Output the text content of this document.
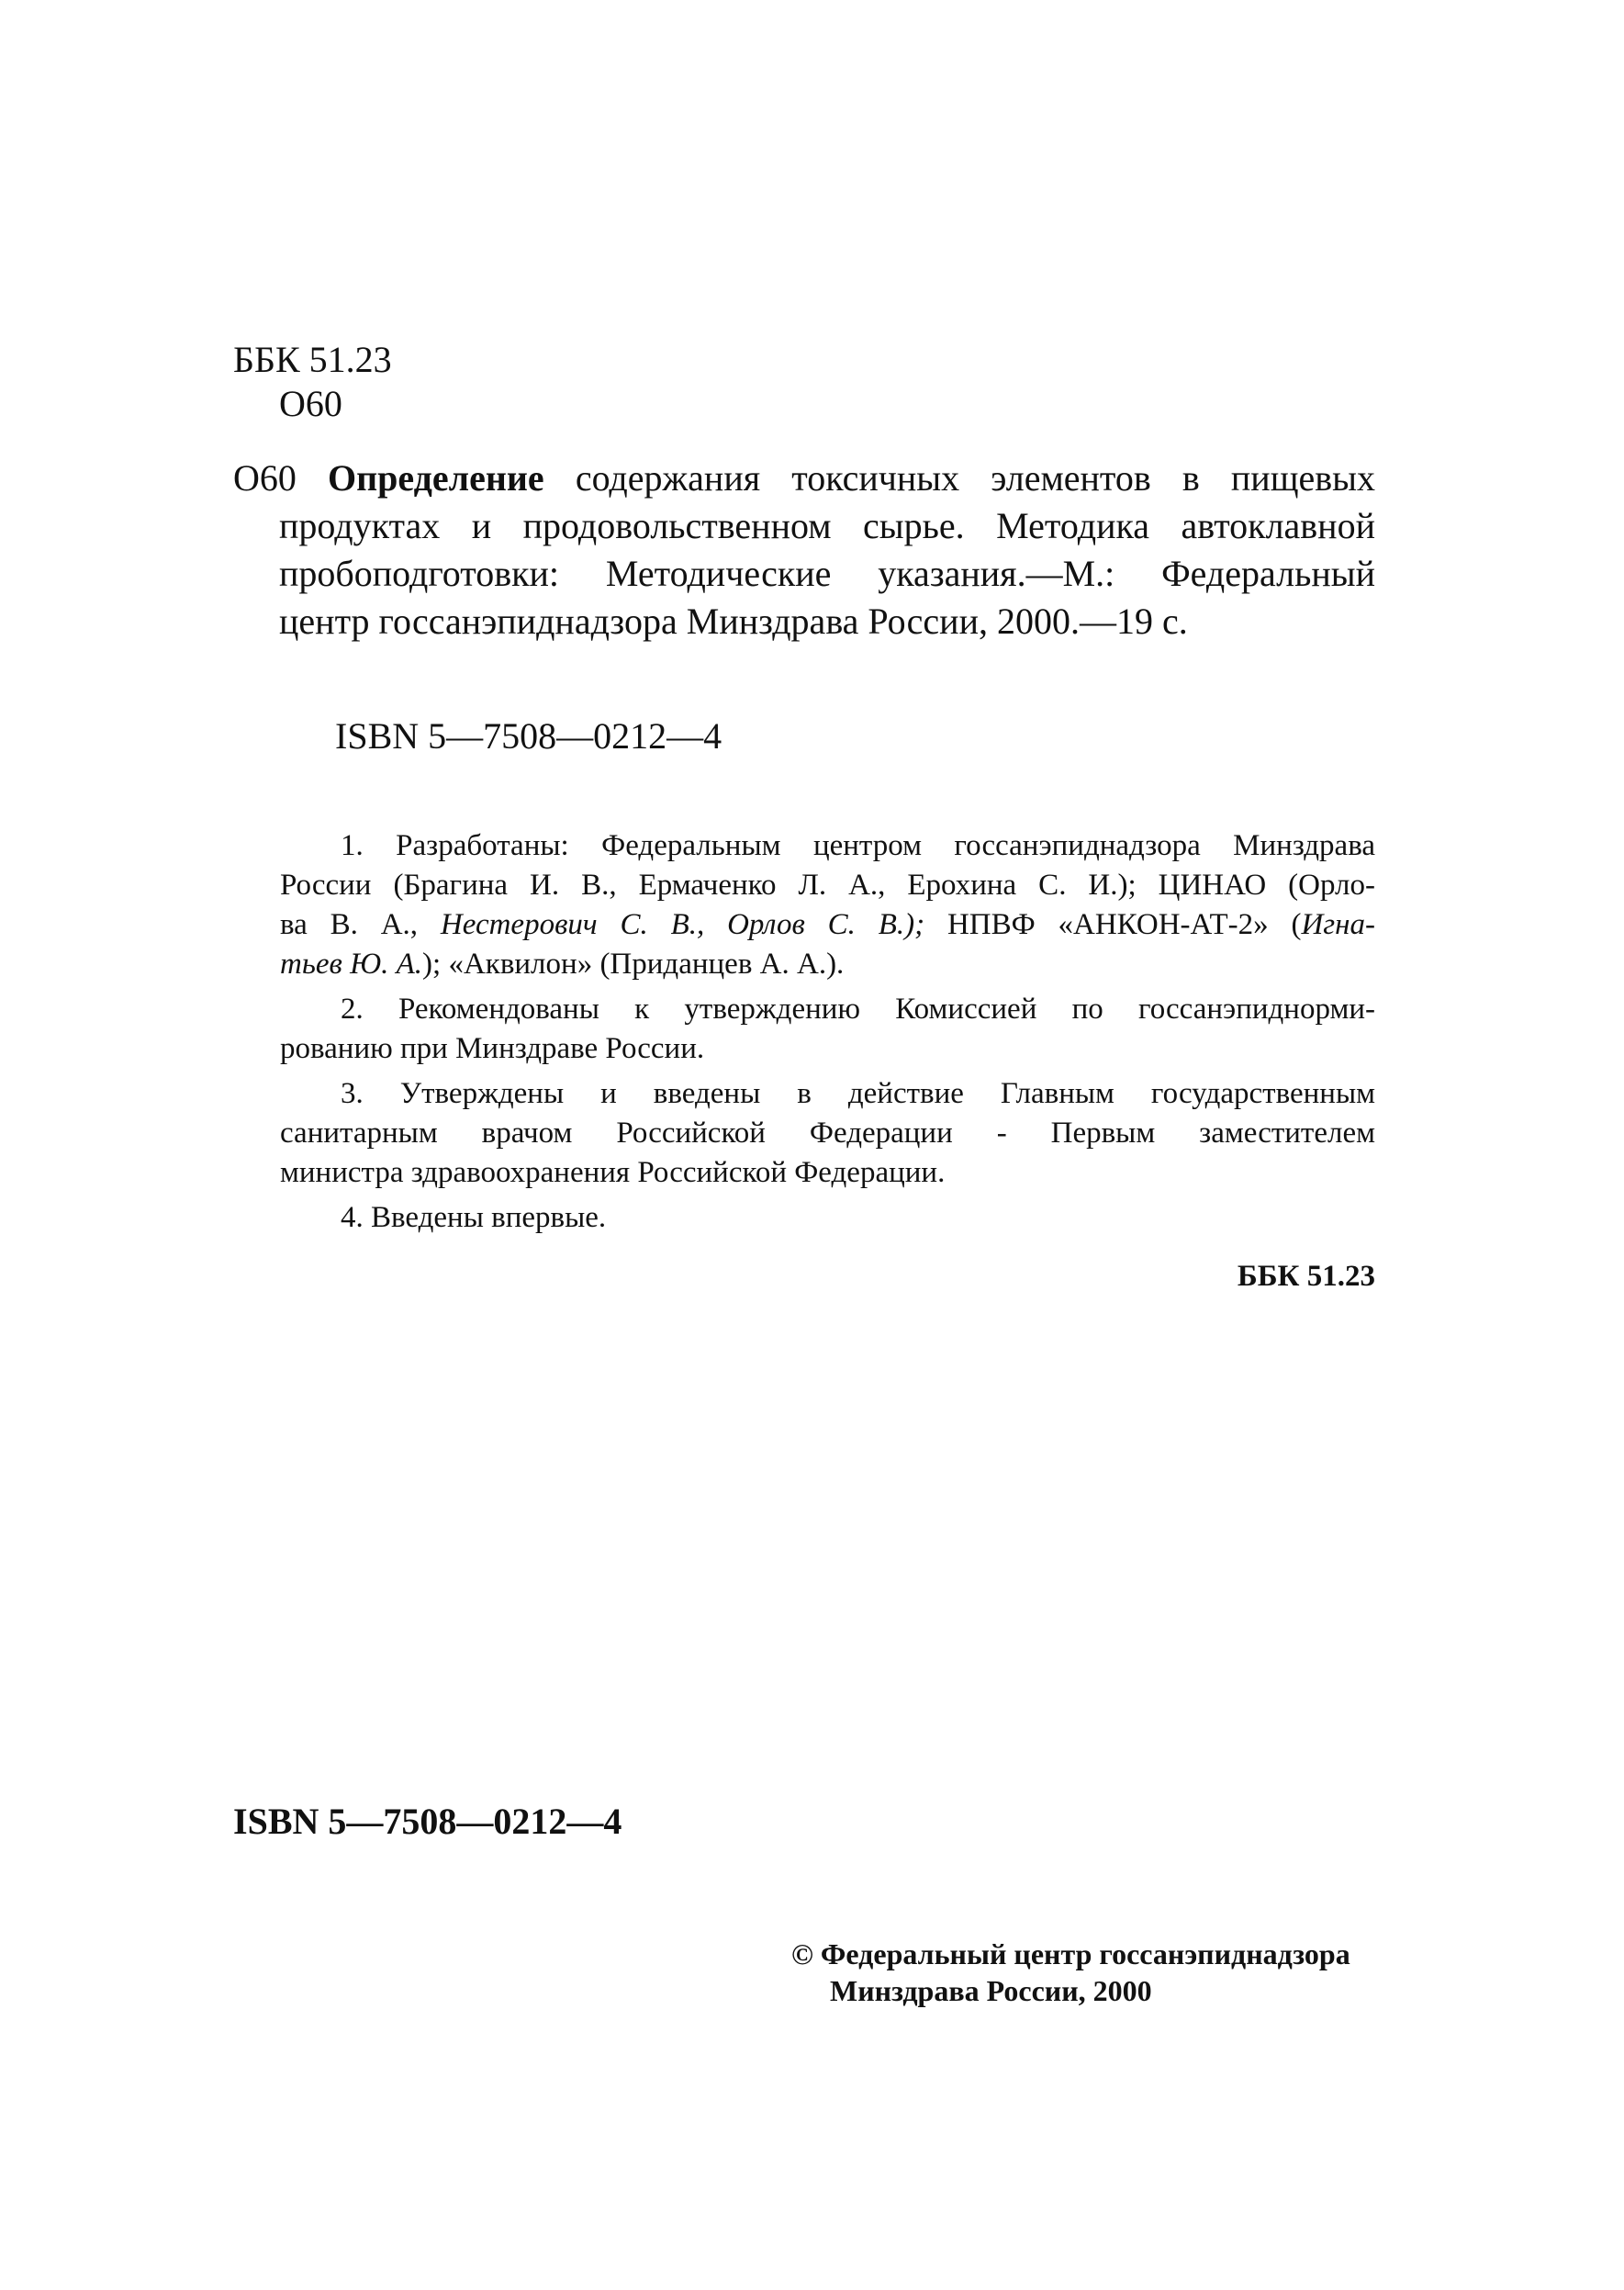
ББК 51.23
О60
О60 Определение содержания токсичных элементов в пищевых
продуктах и продовольственном сырье. Методика автоклавной
пробоподготовки: Методические указания.—М.: Федеральный
центр госсанэпиднадзора Минздрава России, 2000.—19 с.
ISBN 5—7508—0212—4
1. Разработаны: Федеральным центром госсанэпиднадзора Минздрава
России (Брагина И. В., Ермаченко Л. А., Ерохина С. И.); ЦИНАО (Орло-
ва В. А., Нестерович С. В., Орлов С. В.); НПВФ «АНКОН-АТ-2» (Игна-
тьев Ю. А.); «Аквилон» (Приданцев А. А.).
2. Рекомендованы к утверждению Комиссией по госсанэпиднорми-
рованию при Минздраве России.
3. Утверждены и введены в действие Главным государственным
санитарным врачом Российской Федерации - Первым заместителем
министра здравоохранения Российской Федерации.
4. Введены впервые.
ББК 51.23
ISBN 5—7508—0212—4
© Федеральный центр госсанэпиднадзора
Минздрава России, 2000
